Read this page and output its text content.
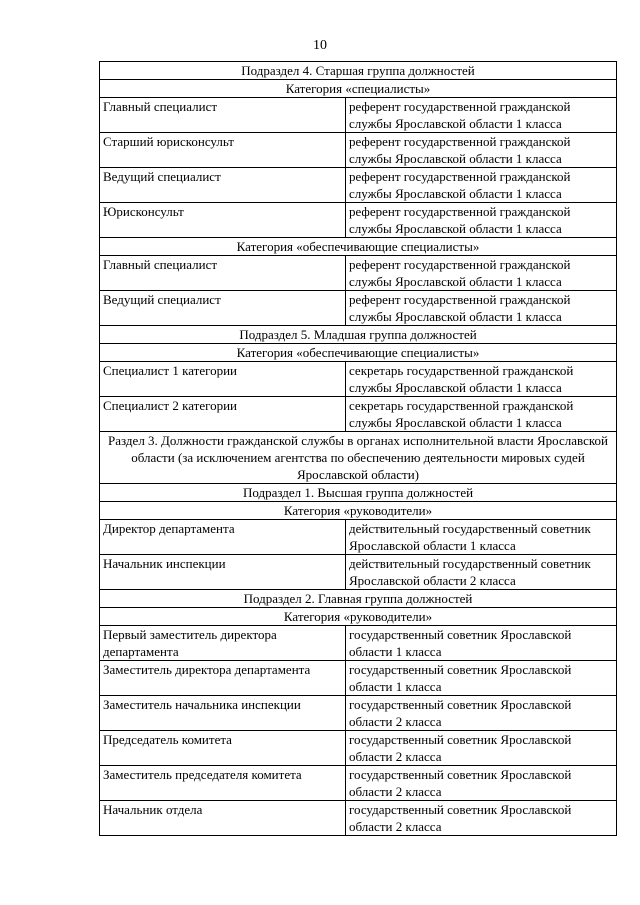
10
Подраздел 4. Старшая группа должностей	
Категория «специалисты»	
Главный специалист	референт государственной гражданской службы Ярославской области 1 класса
Старший юрисконсульт	референт государственной гражданской службы Ярославской области 1 класса
Ведущий специалист	референт государственной гражданской службы Ярославской области 1 класса
Юрисконсульт	референт государственной гражданской службы Ярославской области 1 класса
Категория «обеспечивающие специалисты»	
Главный специалист	референт государственной гражданской службы Ярославской области 1 класса
Ведущий специалист	референт государственной гражданской службы Ярославской области 1 класса
Подраздел 5. Младшая группа должностей	
Категория «обеспечивающие специалисты»	
Специалист 1 категории	секретарь государственной гражданской службы Ярославской области 1 класса
Специалист 2 категории	секретарь государственной гражданской службы Ярославской области 1 класса
Раздел 3. Должности гражданской службы в органах исполнительной власти Ярославской области (за исключением агентства по обеспечению деятельности мировых судей Ярославской области)	
Подраздел 1. Высшая группа должностей	
Категория «руководители»	
Директор департамента	действительный государственный советник Ярославской области 1 класса
Начальник инспекции	действительный государственный советник Ярославской области 2 класса
Подраздел 2. Главная группа должностей	
Категория «руководители»	
Первый заместитель директора департамента	государственный советник Ярославской области 1 класса
Заместитель директора департамента	государственный советник Ярославской области 1 класса
Заместитель начальника инспекции	государственный советник Ярославской области 2 класса
Председатель комитета	государственный советник Ярославской области 2 класса
Заместитель председателя комитета	государственный советник Ярославской области 2 класса
Начальник отдела	государственный советник Ярославской области 2 класса
